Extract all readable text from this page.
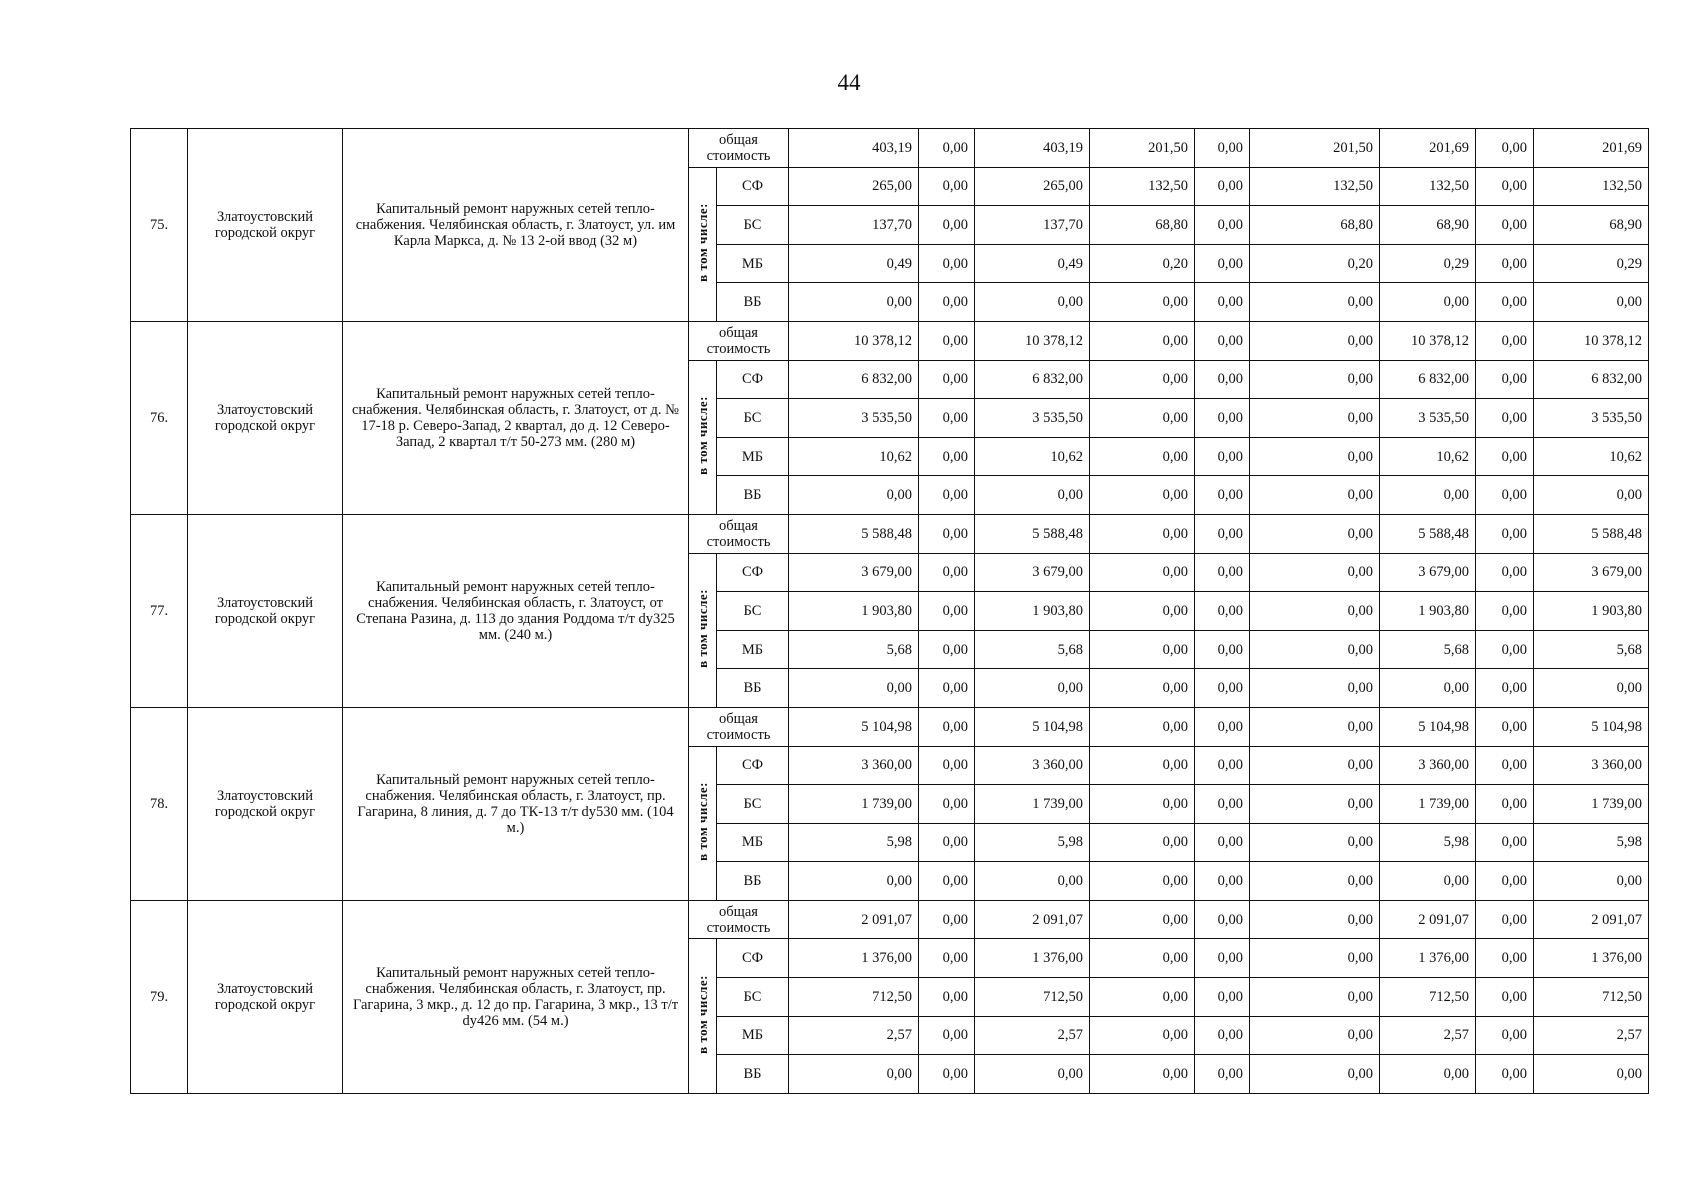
44
75.	Златоустовский городской округ	Капитальный ремонт наружных сетей тепло-снабжения. Челябинская область, г. Златоуст, ул. им Карла Маркса, д. № 13 2-ой ввод (32 м)	общая стоимость		403,19	0,00	403,19	201,50	0,00	201,50	201,69	0,00	201,69
			в том числе:	СФ	265,00	0,00	265,00	132,50	0,00	132,50	132,50	0,00	132,50
				БС	137,70	0,00	137,70	68,80	0,00	68,80	68,90	0,00	68,90
				МБ	0,49	0,00	0,49	0,20	0,00	0,20	0,29	0,00	0,29
				ВБ	0,00	0,00	0,00	0,00	0,00	0,00	0,00	0,00	0,00
76.	Златоустовский городской округ	Капитальный ремонт наружных сетей тепло-снабжения. Челябинская область, г. Златоуст, от д. № 17-18 р. Северо-Запад, 2 квартал, до д. 12 Северо-Запад, 2 квартал т/т 50-273 мм. (280 м)	общая стоимость		10 378,12	0,00	10 378,12	0,00	0,00	0,00	10 378,12	0,00	10 378,12
			в том числе:	СФ	6 832,00	0,00	6 832,00	0,00	0,00	0,00	6 832,00	0,00	6 832,00
				БС	3 535,50	0,00	3 535,50	0,00	0,00	0,00	3 535,50	0,00	3 535,50
				МБ	10,62	0,00	10,62	0,00	0,00	0,00	10,62	0,00	10,62
				ВБ	0,00	0,00	0,00	0,00	0,00	0,00	0,00	0,00	0,00
77.	Златоустовский городской округ	Капитальный ремонт наружных сетей тепло-снабжения. Челябинская область, г. Златоуст, от Степана Разина, д. 113 до здания Роддома т/т dy325 мм. (240 м.)	общая стоимость		5 588,48	0,00	5 588,48	0,00	0,00	0,00	5 588,48	0,00	5 588,48
			в том числе:	СФ	3 679,00	0,00	3 679,00	0,00	0,00	0,00	3 679,00	0,00	3 679,00
				БС	1 903,80	0,00	1 903,80	0,00	0,00	0,00	1 903,80	0,00	1 903,80
				МБ	5,68	0,00	5,68	0,00	0,00	0,00	5,68	0,00	5,68
				ВБ	0,00	0,00	0,00	0,00	0,00	0,00	0,00	0,00	0,00
78.	Златоустовский городской округ	Капитальный ремонт наружных сетей тепло-снабжения. Челябинская область, г. Златоуст, пр. Гагарина, 8 линия, д. 7 до ТК-13 т/т dy530 мм. (104 м.)	общая стоимость		5 104,98	0,00	5 104,98	0,00	0,00	0,00	5 104,98	0,00	5 104,98
			в том числе:	СФ	3 360,00	0,00	3 360,00	0,00	0,00	0,00	3 360,00	0,00	3 360,00
				БС	1 739,00	0,00	1 739,00	0,00	0,00	0,00	1 739,00	0,00	1 739,00
				МБ	5,98	0,00	5,98	0,00	0,00	0,00	5,98	0,00	5,98
				ВБ	0,00	0,00	0,00	0,00	0,00	0,00	0,00	0,00	0,00
79.	Златоустовский городской округ	Капитальный ремонт наружных сетей тепло-снабжения. Челябинская область, г. Златоуст, пр. Гагарина, 3 мкр., д. 12 до пр. Гагарина, 3 мкр., 13 т/т dy426 мм. (54 м.)	общая стоимость		2 091,07	0,00	2 091,07	0,00	0,00	0,00	2 091,07	0,00	2 091,07
			в том числе:	СФ	1 376,00	0,00	1 376,00	0,00	0,00	0,00	1 376,00	0,00	1 376,00
				БС	712,50	0,00	712,50	0,00	0,00	0,00	712,50	0,00	712,50
				МБ	2,57	0,00	2,57	0,00	0,00	0,00	2,57	0,00	2,57
				ВБ	0,00	0,00	0,00	0,00	0,00	0,00	0,00	0,00	0,00
